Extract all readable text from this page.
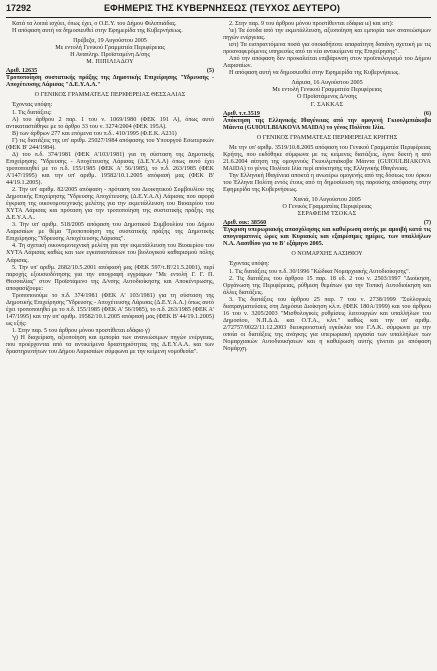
17292	ΕΦΗΜΕΡΙΣ ΤΗΣ ΚΥΒΕΡΝΗΣΕΩΣ (ΤΕΥΧΟΣ ΔΕΥΤΕΡΟ)

Κατά τα λοιπά ισχύει, όπως έχει, ο Ο.Ε.Υ. του Δήμου Φιλιππιάδας.

Η απόφαση αυτή να δημοσιευθεί στην Εφημερίδα της Κυβερνήσεως.

Πρέβεζα, 19 Αυγούστου 2005

Με εντολή Γενικού Γραμματέα Περιφέρειας

Η Αναπληρ. Προϊσταμένη Δ/σης

Μ. ΠΙΠΙΛΙΑΔΟΥ

Αριθ. 12635	(5)

Τροποποίηση συστατικής πράξης της Δημοτικής Επιχείρησης 'Ύδρευσης - Αποχέτευσης Λάρισας "Δ.Ε.Υ.Α.Λ."

Ο ΓΕΝΙΚΟΣ ΓΡΑΜΜΑΤΕΑΣ ΠΕΡΙΦΕΡΕΙΑΣ ΘΕΣΣΑΛΙΑΣ

Έχοντας υπόψη:

1. Τις διατάξεις:

Α) του άρθρου 2 παρ. 1 του ν. 1069/1980 (ΦΕΚ 191 Α), όπως αυτό αντικαταστάθηκε με το άρθρο 33 του ν. 3274/2004 (ΦΕΚ 195Α).

Β) των άρθρων 277 και επόμενα του π.δ.. 410/1995 (Φ.Ε.Κ. Α231)

Γ) τις διατάξεις της υπ' αριθμ. 25027/1984 απόφασης του Υπουργού Εσωτερικών (ΦΕΚ Β' 244/1984).

Δ) του π.δ. 374/1981 (ΦΕΚ Α'103/1981) για τη σύσταση της Δημοτικής Επιχείρησης 'Ύδρευσης - Αποχέτευσης Λάρισας (Δ.Ε.Υ.Α.Λ) όπως αυτό έχει τροποποιηθεί με το π.δ. 155/1985 (ΦΕΚ Α' 56/1985), το π.δ. 263/1985 (ΦΕΚ Α'147/1995) και την υπ' αριθμ. 19582/10.1.2005 απόφασή μας (ΦΕΚ Β' 44/19.1.2005).

2. Την υπ' αριθμ. 82/2005 απόφαση - πρόταση του Διοικητικού Συμβουλίου της Δημοτικής Επιχείρησης 'Ύδρευσης Αποχέτευσης (Δ.Ε.Υ.Α.Λ) Λάρισας που αφορά έγκριση της οικονομοτεχνικής μελέτης για την εκμετάλλευση του Βιοαερίου του ΧΥΤΑ Λάρισας και πρόταση για την τροποποίηση της συστατικής πράξης της Δ.Ε.Υ.Α.Λ..

3. Την υπ' αριθμ. 518/2005 απόφαση του Δημοτικού Συμβουλίου του Δήμου Λαρισαίων με θέμα 'Τροποποίηση της συστατικής πράξης της Δημοτικής Επιχείρησης 'Ύδρευσης Αποχέτευσης Λάρισας".

4. Τη σχετική οικονομοτεχνική μελέτη για την εκμετάλλευση του Βιοαερίου του ΧΥΤΑ Λάρισας καθώς και των εγκαταστάσεων του βιολογικού καθαρισμού πόλης Λάρισας.

5. Την υπ' αριθμ. 2682/10.5.2001 απόφασή μας (ΦΕΚ 597/τ.Β'/21.5.2001), περί παροχής εξουσιοδότησης για την υπογραφή εγγράφων "Με εντολή Γ. Γ. Π. Θεσσαλίας" στον Προϊστάμενο της Δ/νσης Αυτοδιοίκησης και Αποκέντρωσης, αποφασίζουμε:

Τροποποιούμε το π.δ. 374/1981 (ΦΕΚ Α' 103/1981) για τη σύσταση της Δημοτικής Επιχείρησης 'Ύδρευσης - Αποχέτευσης Λάρισας (Δ.Ε.Υ.Α.Λ.) όπως αυτό έχει τροποποιηθεί με το π.δ. 155/1985 (ΦΕΚ Α' 56/1985), το π.δ. 263/1985 (ΦΕΚ Α' 147/1995) και την υπ' αριθμ. 19582/10.1.2005 απόφασή μας (ΦΕΚ Β' 44/19.1.2005) ως εξής:

1. Στην παρ. 5 του άρθρου μόνου προστίθεται εδάφιο γ)

'γ) Η διαχείριση, αξιοποίηση και εμπορία των ανανεώσιμων πηγών ενέργειας, που προέρχονται από τα αντικείμενα δραστηριότητας της Δ.Ε.Υ.Α.Λ. και των δραστηριοτήτων του Δήμου Λαρισαίων σύμφωνα με την κείμενη νομοθεσία".

2. Στην παρ. 9 του άρθρου μόνου προστίθενται εδάφια ιε) και ιστ):

'ιε) Τα έσοδα από την εκμετάλλευση, αξιοποίηση και εμπορία των ανανεώσιμων πηγών ενέργειας.

ιστ) Τα εισπραττόμενα ποσά για οποιαδήποτε απαραίτητη δαπάνη σχετική με τις προαναφερόμενες υπηρεσίες από τα νέα αντικείμενα της Επιχείρησης".

Από την απόφαση δεν προκαλείται επιβάρυνση στον προϋπολογισμό του Δήμου Λαρισαίων.

Η απόφαση αυτή να δημοσιευθεί στην Εφημερίδα της Κυβερνήσεως.

Λάρισα, 16 Αυγούστου 2005

Με εντολή Γενικού Γραμματέα Περιφέρειας

Ο Προϊστάμενος Δ/νσης

Γ. ΣΑΚΚΑΣ

Αριθ. τ.τ.3519	(6)

Απόκτηση της Ελληνικής Ιθαγένειας από την ομογενή Γκιουλμπιάκοβα Μάιντα (GUIOULBIAKOVA MAIDA) το γένος Πολίτσε Ιλία.

Ο ΓΕΝΙΚΟΣ ΓΡΑΜΜΑΤΕΑΣ ΠΕΡΙΦΕΡΕΙΑΣ ΚΡΗΤΗΣ

Με την υπ' αριθμ. 3519/10.8.2005 απόφαση του Γενικού Γραμματέα Περιφέρειας Κρήτης, που εκδόθηκε σύμφωνα με τις κείμενες διατάξεις, έγινε δεκτή η από 21.6.2004 αίτηση της ομογενούς Γκιουλμπιάκοβα Μάιντα (GUIOULBIAKOVA MAIDA) το γένος Πολίτσε Ιλία περί απόκτησης της Ελληνικής Ιθαγένειας.

Την Ελληνική Ιθαγένεια αποκτά η ανωτέρω ομογενής από της δόσεως του όρκου του Έλληνα Πολίτη εντός έτους από τη δημοσίευση της παρούσης απόφασης στην Εφημερίδα της Κυβερνήσεως.

Χανιά, 10 Αυγούστου 2005

Ο Γενικός Γραμματέας Περιφέρειας

ΣΕΡΑΦΕΙΜ ΤΣΟΚΑΣ

Αριθ. οικ: 38560	(7)

Έγκριση υπερωριακής απασχόλησης και καθιέρωση αυτής με αμοιβή κατά τις απογευματινές ώρες και Κυριακές και εξαιρέσιμες ημέρες, των υπαλλήλων Ν.Α. Λασιθίου για το Β' εξάμηνο 2005.

Ο ΝΟΜΑΡΧΗΣ ΛΑΣΙΘΙΟΥ

Έχοντας υπόψη:

1. Τις διατάξεις του π.δ. 30/1996 "Κώδικα Νομαρχιακής Αυτοδιοίκησης".

2. Τις διατάξεις του άρθρου 15 παρ. 18 εδ. 2 του ν. 2503/1997 "Διοίκηση, Οργάνωση της Περιφέρειας, ρύθμιση θεμάτων για την Τοπική Αυτοδιοίκηση και άλλες διατάξεις.

3. Τις διατάξεις του άρθρου 25 παρ. 7 του ν. 2738/1999 "Συλλογικές διαπραγματεύσεις στη Δημόσια Διοίκηση κλ.π. (ΦΕΚ 180Α/1999) και του άρθρου 16 του ν. 3205/2003 "Μισθολογικές ρυθμίσεις λειτουργών και υπαλλήλων του Δημοσίου, Ν.Π.Δ.Δ. και Ο.Τ.Α., κλπ." καθώς και την υπ' αριθμ. 2/72757/0022/11.12.2003 διευκρινιστική εγκύκλιο του Γ.Λ.Κ. σύμφωνα με την οποία οι διατάξεις της ανάγκης για υπερωριακή εργασία των υπαλλήλων των Νομαρχιακών Αυτοδιοικήσεων και η καθιέρωση αυτής γίνεται με απόφαση Νομάρχη.
